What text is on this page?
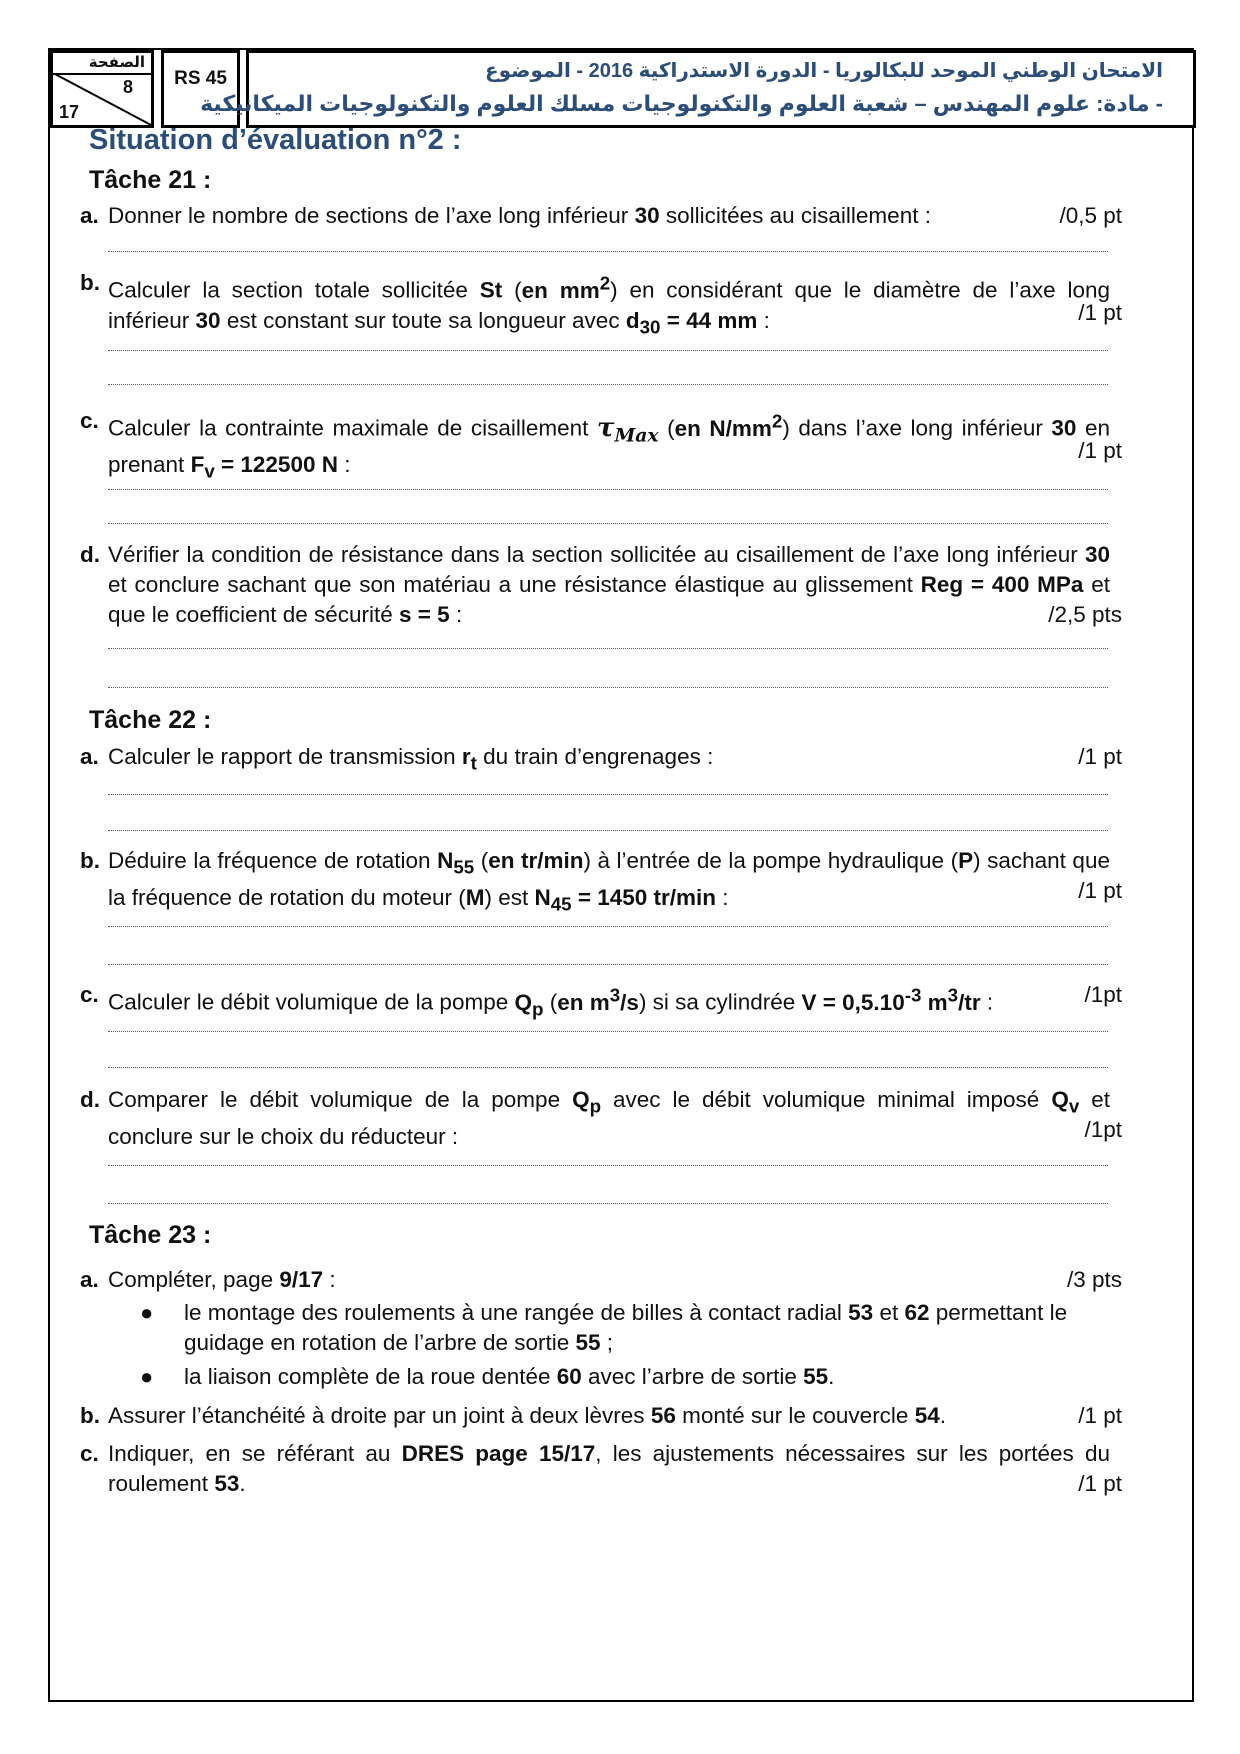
الصفحة
8
17
RS 45	الامتحان الوطني الموحد للبكالوريا - الدورة الاستدراكية 2016 - الموضوع
- مادة: علوم المهندس – شعبة العلوم والتكنولوجيات مسلك العلوم والتكنولوجيات الميكانيكية
Situation d’évaluation n°2 :
Tâche 21 :
a. Donner le nombre de sections de l’axe long inférieur 30 sollicitées au cisaillement :	/0,5 pt
b. Calculer la section totale sollicitée St (en $mm^2$) en considérant que le diamètre de l’axe long inférieur 30 est constant sur toute sa longueur avec $d_{30} = 44$ mm :	/1 pt
c. Calculer la contrainte maximale de cisaillement $\tau_{Max}$ (en $N/mm^2$) dans l’axe long inférieur 30 en prenant $F_v = 122500$ N :
/1 pt
d. Vérifier la condition de résistance dans la section sollicitée au cisaillement de l’axe long inférieur 30 et conclure sachant que son matériau a une résistance élastique au glissement Reg = 400 MPa et que le coefficient de sécurité s = 5 :	/2,5 pts
Tâche 22 :
a. Calculer le rapport de transmission $r_t$ du train d’engrenages :	/1 pt
b. Déduire la fréquence de rotation $N_{55}$ (en tr/min) à l’entrée de la pompe hydraulique (P) sachant que la fréquence de rotation du moteur (M) est $N_{45} = 1450$ tr/min :	/1 pt
c. Calculer le débit volumique de la pompe $Q_p$ (en $m^3/s$) si sa cylindrée $V = 0,5.10^{-3}$ $m^3/tr$ :	/1pt
d. Comparer le débit volumique de la pompe $Q_p$ avec le débit volumique minimal imposé $Q_v$ et conclure sur le choix du réducteur :	/1pt
Tâche 23 :
a. Compléter, page 9/17 :	/3 pts
● le montage des roulements à une rangée de billes à contact radial 53 et 62 permettant le guidage en rotation de l’arbre de sortie 55 ;
● la liaison complète de la roue dentée 60 avec l’arbre de sortie 55.
b. Assurer l’étanchéité à droite par un joint à deux lèvres 56 monté sur le couvercle 54.	/1 pt
c. Indiquer, en se référant au DRES page 15/17, les ajustements nécessaires sur les portées du roulement 53.	/1 pt
